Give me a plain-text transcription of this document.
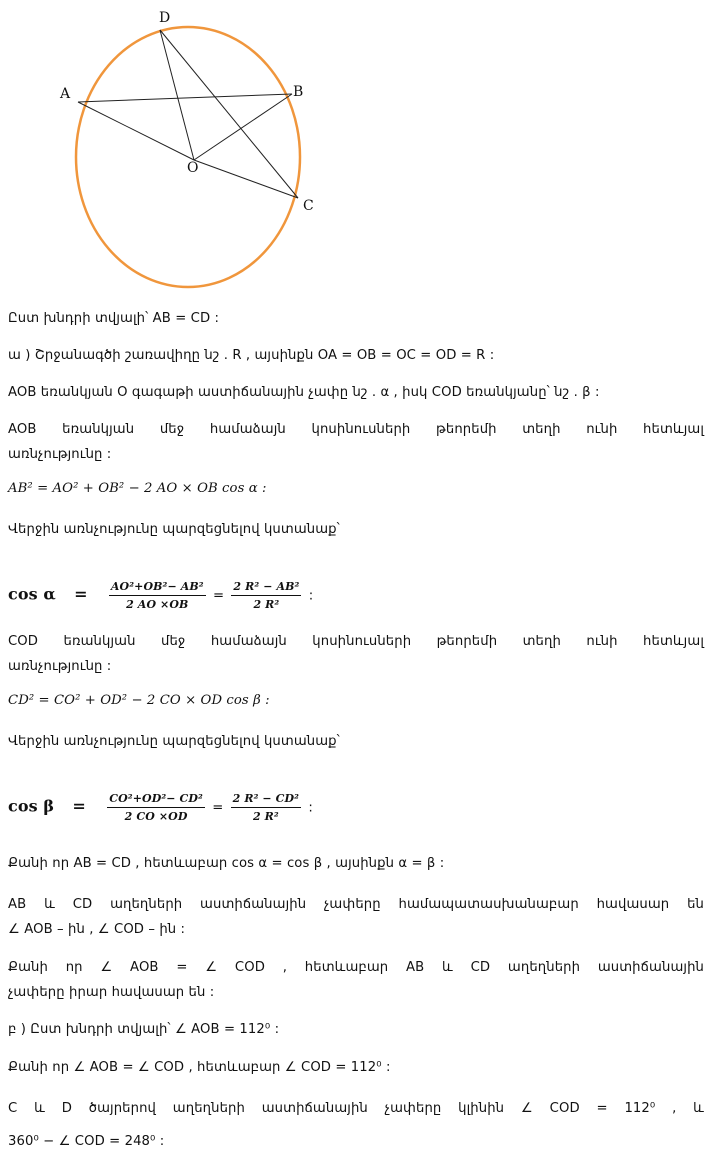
D
A	B
O
C
Ըստ խնդրի տվյալի՝ AB = CD :
ա ) Շրջանագծի շառավիղը նշ . R , այսինքն OA = OB = OC = OD = R :
AOB եռանկյան O գագաթի աստիճանային չափը նշ . α , իսկ COD եռանկյանը՝ նշ . β :
AOB եռանկյան մեջ համաձայն կոսինուսների թեորեմի տեղի ունի հետևյալ
առնչությունը :
AB² = AO² + OB² − 2 AO × OB cos α :
Վերջին առնչությունը պարզեցնելով կստանաք՝
$\cos \alpha = \frac{\text{AO²+OB²− AB²}}{2 AO \times OB} = \frac{\text{2 R² − AB²}}{\text{2 R²}}$ :
COD եռանկյան մեջ համաձայն կոսինուսների թեորեմի տեղի ունի հետևյալ
առնչությունը :
CD² = CO² + OD² − 2 CO × OD cos β :
Վերջին առնչությունը պարզեցնելով կստանաք՝
$\cos \beta = \frac{\text{CO²+OD²− CD²}}{2 CO \times OD} = \frac{\text{2 R² − CD²}}{\text{2 R²}}$ :
Քանի որ AB = CD , հետևաբար cos α = cos β , այսինքն α = β :
AB և CD աղեղների աստիճանային չափերը համապատասխանաբար հավասար են
∠ AOB – ին , ∠ COD – ին :
Քանի որ ∠ AOB = ∠ COD , հետևաբար AB և CD աղեղների աստիճանային
չափերը իրար հավասար են :
բ ) Ըստ խնդրի տվյալի՝ ∠ AOB = 112⁰ :
Քանի որ ∠ AOB = ∠ COD , հետևաբար ∠ COD = 112⁰ :
C և D ծայրերով աղեղների աստիճանային չափերը կլինին ∠ COD = 112⁰ , և
360⁰ − ∠ COD = 248⁰ :
